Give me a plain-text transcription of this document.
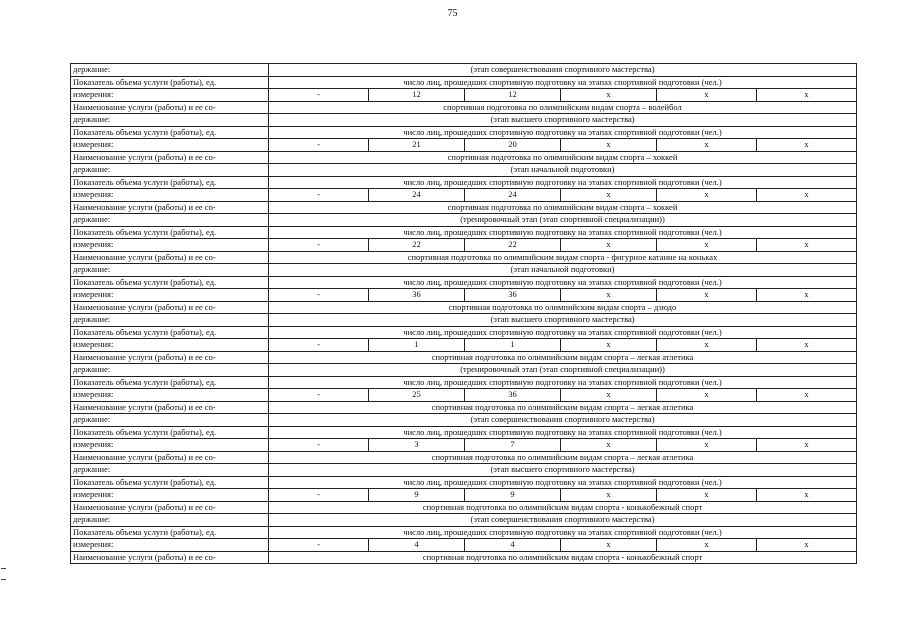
75
держание:	(этап совершенствования спортивного мастерства)					
Показатель объема услуги (работы), ед.	число лиц, прошедших спортивную подготовку на этапах спортивной подготовки (чел.)					
измерения:	-	12	12	x	x	x
Наименование услуги (работы) и ее со-	спортивная подготовка по олимпийским видам спорта – волейбол					
держание:	(этап высшего спортивного мастерства)					
Показатель объема услуги (работы), ед.	число лиц, прошедших спортивную подготовку на этапах спортивной подготовки (чел.)					
измерения:	-	21	20	x	x	x
Наименование услуги (работы) и ее со-	спортивная подготовка по олимпийским видам спорта – хоккей					
держание:	(этап начальной подготовки)					
Показатель объема услуги (работы), ед.	число лиц, прошедших спортивную подготовку на этапах спортивной подготовки (чел.)					
измерения:	-	24	24	x	x	x
Наименование услуги (работы) и ее со-	спортивная подготовка по олимпийским видам спорта – хоккей					
держание:	(тренировочный этап (этап спортивной специализации))					
Показатель объема услуги (работы), ед.	число лиц, прошедших спортивную подготовку на этапах спортивной подготовки (чел.)					
измерения:	-	22	22	x	x	x
Наименование услуги (работы) и ее со-	спортивная подготовка по олимпийским видам спорта - фигурное катание на коньках					
держание:	(этап начальной подготовки)					
Показатель объема услуги (работы), ед.	число лиц, прошедших спортивную подготовку на этапах спортивной подготовки (чел.)					
измерения:	-	36	36	x	x	x
Наименование услуги (работы) и ее со-	спортивная подготовка по олимпийским видам спорта – дзюдо					
держание:	(этап высшего спортивного мастерства)					
Показатель объема услуги (работы), ед.	число лиц, прошедших спортивную подготовку на этапах спортивной подготовки (чел.)					
измерения:	-	1	1	x	x	x
Наименование услуги (работы) и ее со-	спортивная подготовка по олимпийским видам спорта – легкая атлетика					
держание:	(тренировочный этап (этап спортивной специализации))					
Показатель объема услуги (работы), ед.	число лиц, прошедших спортивную подготовку на этапах спортивной подготовки (чел.)					
измерения:	-	25	36	x	x	x
Наименование услуги (работы) и ее со-	спортивная подготовка по олимпийским видам спорта – легкая атлетика					
держание:	(этап совершенствования спортивного мастерства)					
Показатель объема услуги (работы), ед.	число лиц, прошедших спортивную подготовку на этапах спортивной подготовки (чел.)					
измерения:	-	3	7	x	x	x
Наименование услуги (работы) и ее со-	спортивная подготовка по олимпийским видам спорта – легкая атлетика					
держание:	(этап высшего спортивного мастерства)					
Показатель объема услуги (работы), ед.	число лиц, прошедших спортивную подготовку на этапах спортивной подготовки (чел.)					
измерения:	-	9	9	x	x	x
Наименование услуги (работы) и ее со-	спортивная подготовка по олимпийским видам спорта - конькобежный спорт					
держание:	(этап совершенствования спортивного мастерства)					
Показатель объема услуги (работы), ед.	число лиц, прошедших спортивную подготовку на этапах спортивной подготовки (чел.)					
измерения:	-	4	4	x	x	x
Наименование услуги (работы) и ее со-	спортивная подготовка по олимпийским видам спорта - конькобежный спорт					
